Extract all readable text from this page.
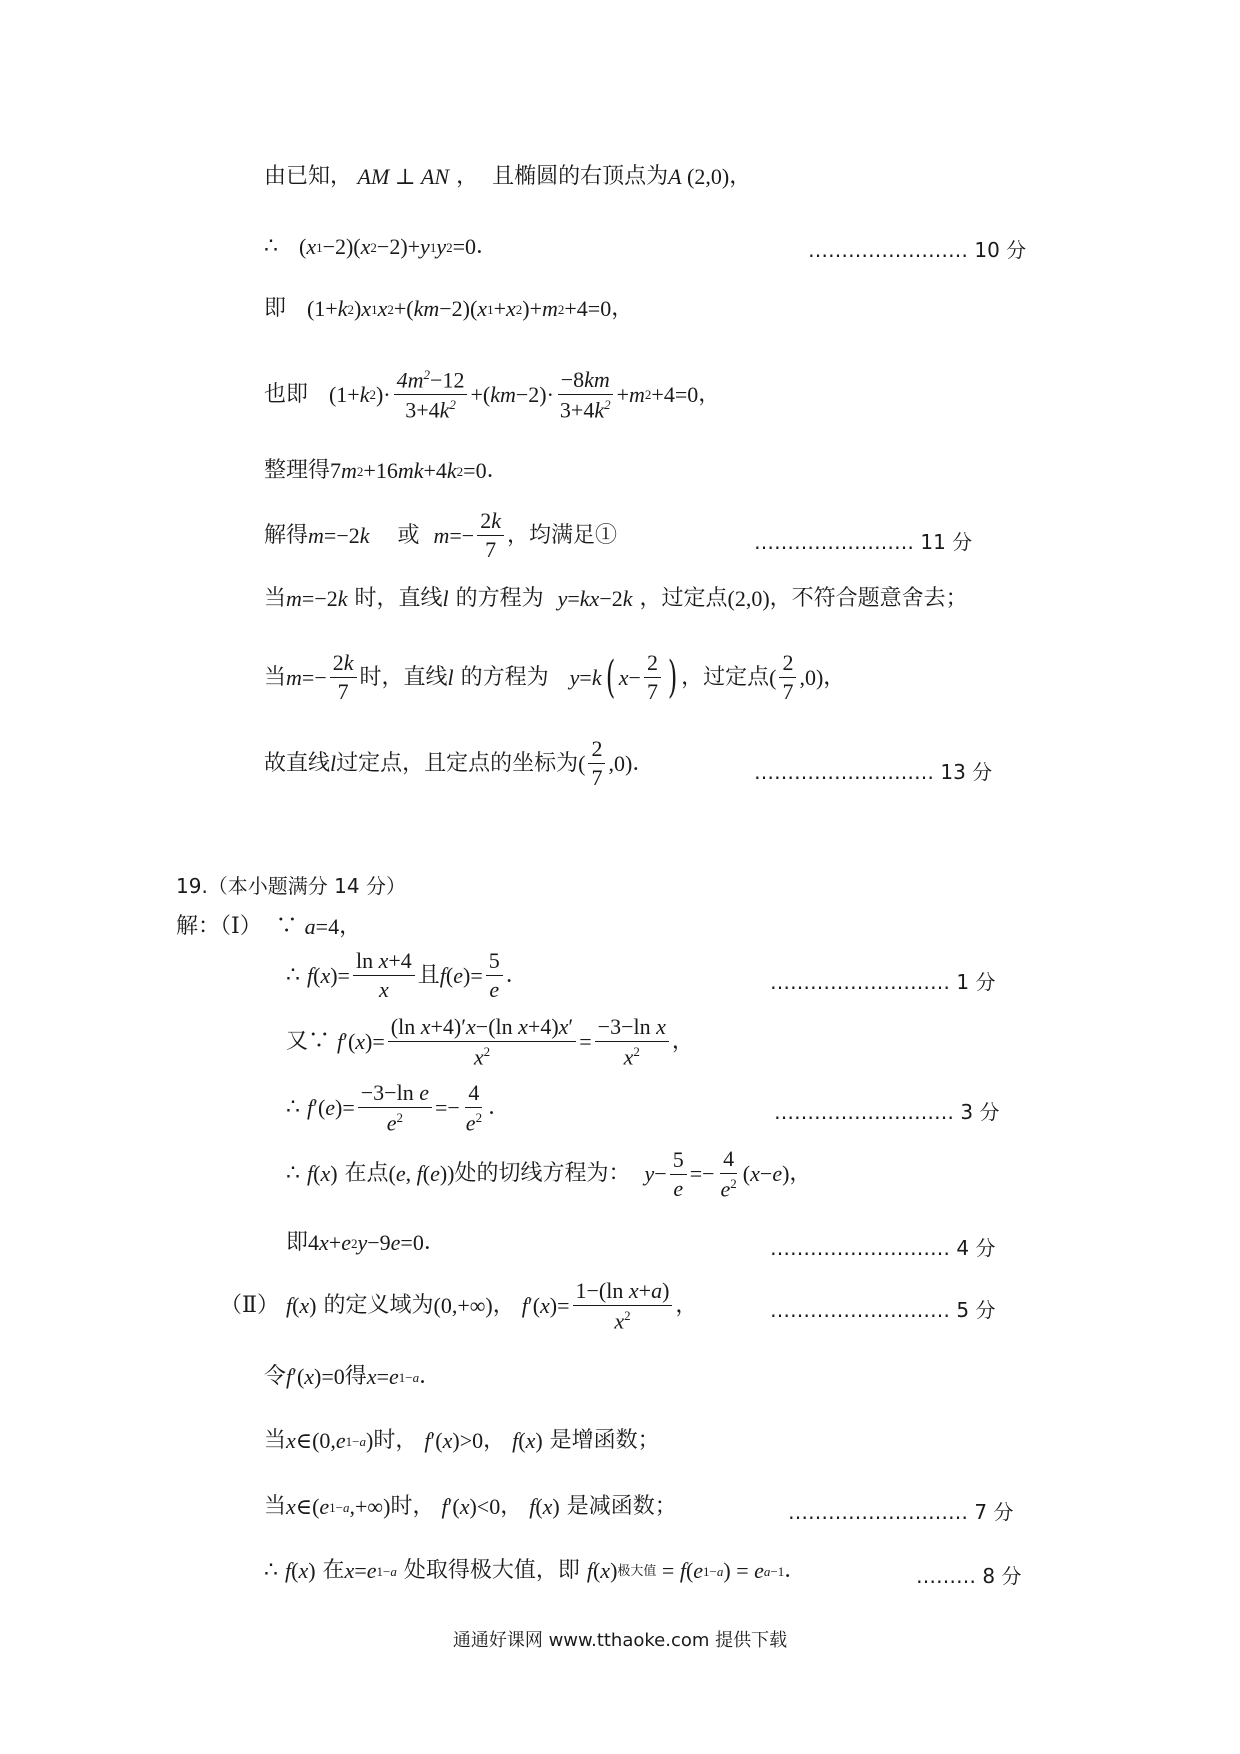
由已知， AM ⊥ AN ，  且椭圆的右顶点为 A (2,0) ，
∴ ( x 1 −2)( x 2 −2)+ y 1 y 2 =0 ．	…………………… 10 分
即 (1+ k 2 ) x 1 x 2 +( km −2)( x 1 + x 2 )+ m 2 +4=0 ，
也即 (1+ k 2 )· $\frac{4m^2-12}{3+4k^2}$ +( km $-2)\cdot \frac{-8km}{3+4k^2} + m$ 2 +4=0 ，
整理得 7 m 2 +16 mk +4 k 2 =0 ．
解得 m =−2 k 或 $m =- \frac{2k}{7}$ ，均满足①	…………………… 11 分
当 m =−2 k 时，直线 l 的方程为 y = kx −2 k ，过定点 (2,0) ，不符合题意舍去；
当 $m =- \frac{2k}{7}$ 时，直线 l 的方程为 y = k ( $x - \frac{2}{7}$ ) ，过定点 ( $\frac{2}{7} ,0$) ，
故直线 l 过定点，且定点的坐标为 ( $\frac{2}{7} ,0$) ．	……………………… 13 分
19.（本小题满分 14 分）
解：（Ⅰ）  ∵ a =4 ，
∴ f ( x )= $\frac{\text{ln x+4}}{x}$ 且 f ( e )= $\frac{5}{e}$ ．	……………………… 1 分
又∵ f ′( x )= $\frac{\text{(ln x+4)′x−(ln x+4)x′}}{x^2} = \frac{\text{−3−ln x}}{x^2}$ ，
∴ f ′( e )= $\frac{\text{−3−ln e}}{e^2} =- \frac{4}{e^2}$ ．	……………………… 3 分
∴ f ( x ) 在点 ( e , f ( e )) 处的切线方程为： $y - \frac{5}{e} =- \frac{4}{e^2}$ ( x − e ) ，
即 4 x + e 2 y −9 e =0 ．	……………………… 4 分
（Ⅱ） f ( x ) 的定义域为 (0,+∞) ， f ′( x )= $\frac{\text{1−(ln x+a)}}{x^2}$ ，	……………………… 5 分
令 f ′( x )=0 得 x = e 1−a ．
当 x ∈(0, e 1−a ) 时， f ′( x )>0 ， f ( x ) 是增函数；
当 x ∈( e 1−a ,+∞) 时， f ′( x )<0 ， f ( x ) 是减函数；	……………………… 7 分
∴ f ( x ) 在 x = e 1−a 处取得极大值，即 f ( x ) 极大值 = f ( e 1−a ) = e a−1 ．	……… 8 分
通通好课网 www.tthaoke.com 提供下载
